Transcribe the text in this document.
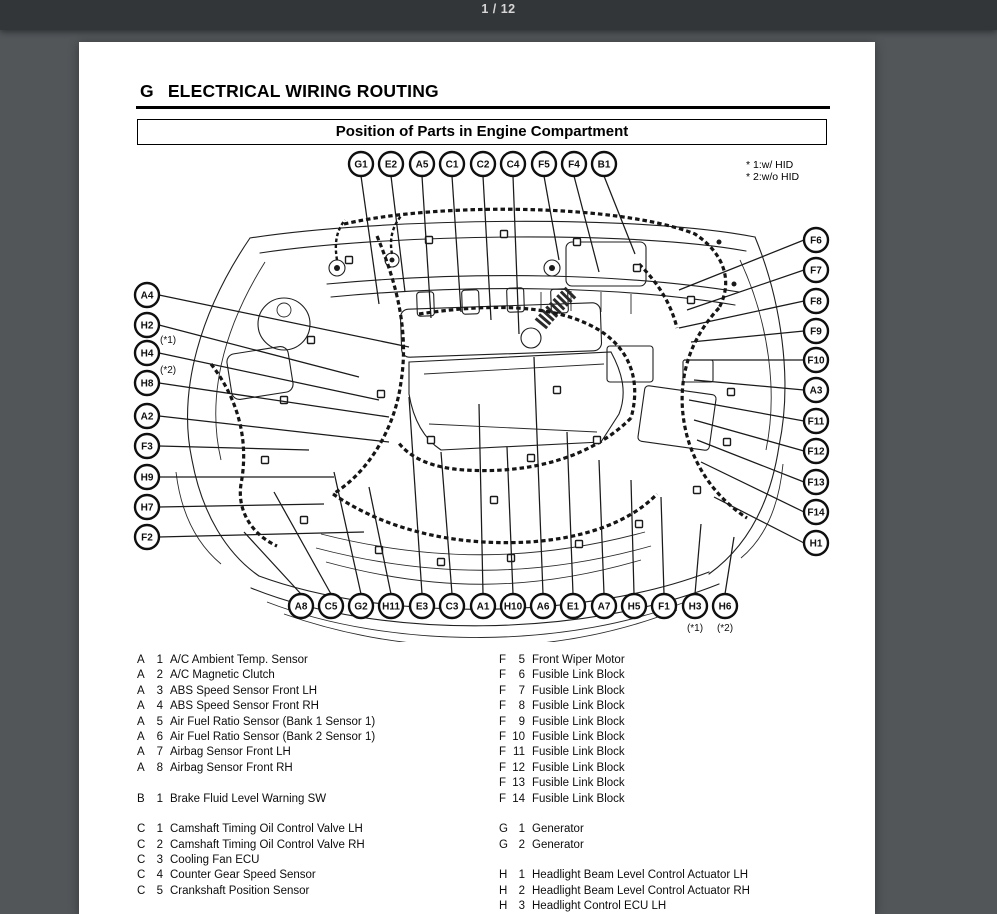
1 / 12
G ELECTRICAL WIRING ROUTING
Position of Parts in Engine Compartment
* 1:w/ HID
* 2:w/o HID
G1 E2 A5 C1 C2 C4 F5 F4 B1
A4
H2
H4
(*1)
H8
(*2)
A2
F3
H9
H7
F2
F6
F7
F8
F9
F10
A3
F11
F12
F13
F14
H1
A8 C5 G2 H11 E3 C3 A1 H10 A6 E1 A7 H5 F1 H3
(*1)
H6
(*2)
A	1 A/C Ambient Temp. Sensor
A	2 A/C Magnetic Clutch
A	3 ABS Speed Sensor Front LH
A	4 ABS Speed Sensor Front RH
A	5 Air Fuel Ratio Sensor (Bank 1 Sensor 1)
A	6 Air Fuel Ratio Sensor (Bank 2 Sensor 1)
A	7 Airbag Sensor Front LH
A	8 Airbag Sensor Front RH

B	1 Brake Fluid Level Warning SW

C 1 Camshaft Timing Oil Control Valve LH
C 2 Camshaft Timing Oil Control Valve RH
C 3 Cooling Fan ECU
C 4 Counter Gear Speed Sensor
C 5 Crankshaft Position Sensor
F	5 Front Wiper Motor
F	6 Fusible Link Block
F	7 Fusible Link Block
F	8 Fusible Link Block
F	9 Fusible Link Block
F 10 Fusible Link Block
F 11 Fusible Link Block
F 12 Fusible Link Block
F 13 Fusible Link Block
F 14 Fusible Link Block

G 1 Generator
G 2 Generator

H 1 Headlight Beam Level Control Actuator LH
H 2 Headlight Beam Level Control Actuator RH
H 3 Headlight Control ECU LH
